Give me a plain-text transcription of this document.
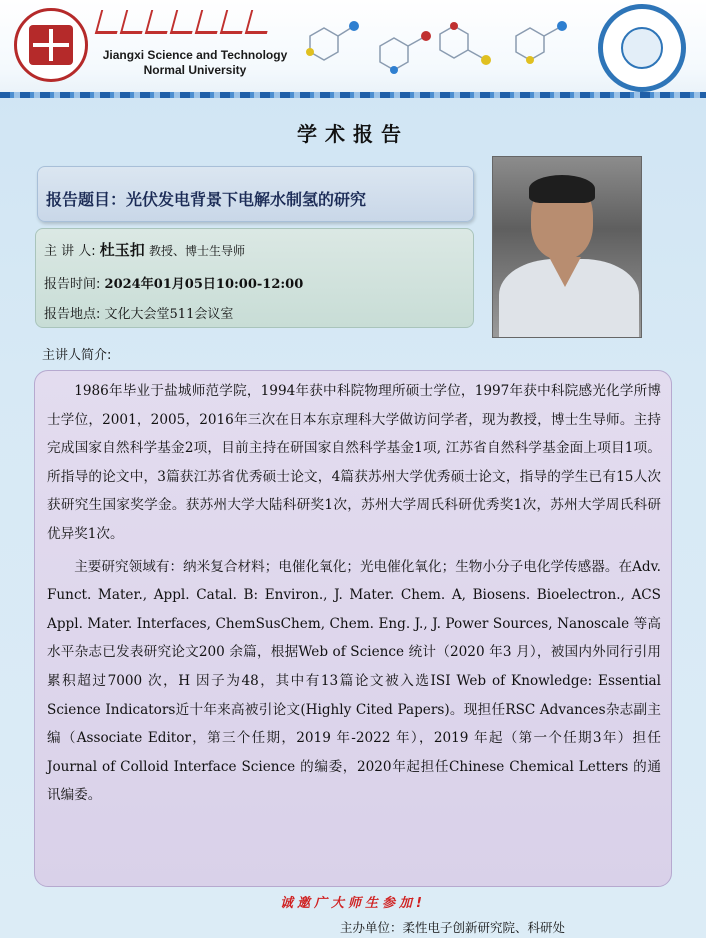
Jiangxi Science and Technology
Normal University
学术报告
报告题目：光伏发电背景下电解水制氢的研究
主 讲 人: 杜玉扣 教授、博士生导师
报告时间: 2024年01月05日10:00-12:00
报告地点: 文化大会堂511会议室
主讲人简介:

1986年毕业于盐城师范学院，1994年获中科院物理所硕士学位，1997年获中科院感光化学所博士学位，2001，2005，2016年三次在日本东京理科大学做访问学者，现为教授，博士生导师。主持完成国家自然科学基金2项，目前主持在研国家自然科学基金1项, 江苏省自然科学基金面上项目1项。所指导的论文中，3篇获江苏省优秀硕士论文，4篇获苏州大学优秀硕士论文，指导的学生已有15人次获研究生国家奖学金。获苏州大学大陆科研奖1次，苏州大学周氏科研优秀奖1次，苏州大学周氏科研优异奖1次。

主要研究领域有：纳米复合材料；电催化氧化；光电催化氧化；生物小分子电化学传感器。在Adv. Funct. Mater., Appl. Catal. B: Environ., J. Mater. Chem. A, Biosens. Bioelectron., ACS Appl. Mater. Interfaces, ChemSusChem, Chem. Eng. J., J. Power Sources, Nanoscale 等高水平杂志已发表研究论文200 余篇，根据Web of Science 统计（2020 年3 月），被国内外同行引用累积超过7000 次，H 因子为48，其中有13篇论文被入选ISI Web of Knowledge: Essential Science Indicators近十年来高被引论文(Highly Cited Papers)。现担任RSC Advances杂志副主编（Associate Editor，第三个任期，2019 年-2022 年），2019 年起（第一个任期3年）担任Journal of Colloid Interface Science 的编委，2020年起担任Chinese Chemical Letters 的通讯编委。

诚邀广大师生参加!
主办单位：柔性电子创新研究院、科研处
